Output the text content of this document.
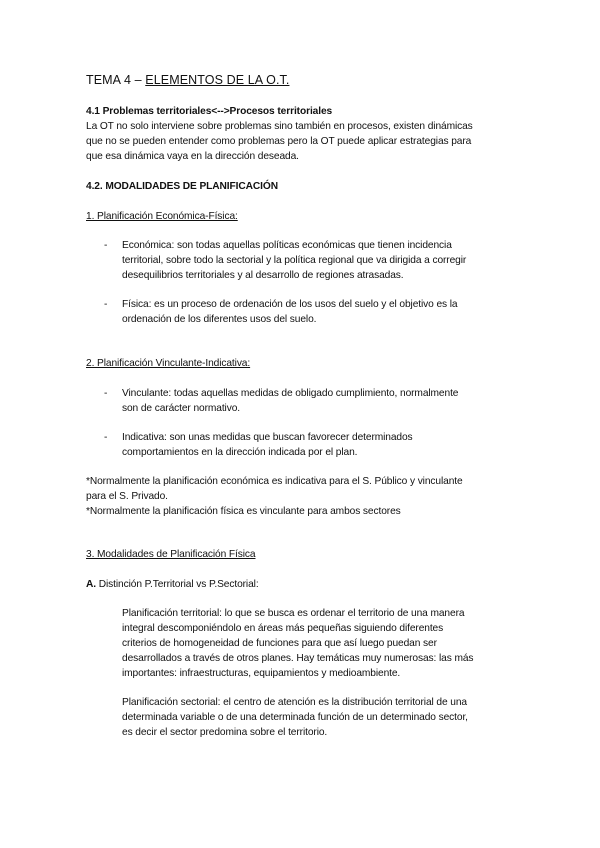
TEMA 4 – ELEMENTOS DE LA O.T.
4.1 Problemas territoriales<-->Procesos territoriales
La OT no solo interviene sobre problemas sino también en procesos, existen dinámicas
que no se pueden entender como problemas pero la OT puede aplicar estrategias para
que esa dinámica vaya en la dirección deseada.
4.2. MODALIDADES DE PLANIFICACIÓN
1. Planificación Económica-Física:
- Económica: son todas aquellas políticas económicas que tienen incidencia
territorial, sobre todo la sectorial y la política regional que va dirigida a corregir
desequilibrios territoriales y al desarrollo de regiones atrasadas.
- Física: es un proceso de ordenación de los usos del suelo y el objetivo es la
ordenación de los diferentes usos del suelo.
2. Planificación Vinculante-Indicativa:
- Vinculante: todas aquellas medidas de obligado cumplimiento, normalmente
son de carácter normativo.
- Indicativa: son unas medidas que buscan favorecer determinados
comportamientos en la dirección indicada por el plan.
*Normalmente la planificación económica es indicativa para el S. Público y vinculante
para el S. Privado.
*Normalmente la planificación física es vinculante para ambos sectores
3. Modalidades de Planificación Física
A. Distinción P.Territorial vs P.Sectorial:
Planificación territorial: lo que se busca es ordenar el territorio de una manera
integral descomponiéndolo en áreas más pequeñas siguiendo diferentes
criterios de homogeneidad de funciones para que así luego puedan ser
desarrollados a través de otros planes. Hay temáticas muy numerosas: las más
importantes: infraestructuras, equipamientos y medioambiente.
Planificación sectorial: el centro de atención es la distribución territorial de una
determinada variable o de una determinada función de un determinado sector,
es decir el sector predomina sobre el territorio.
